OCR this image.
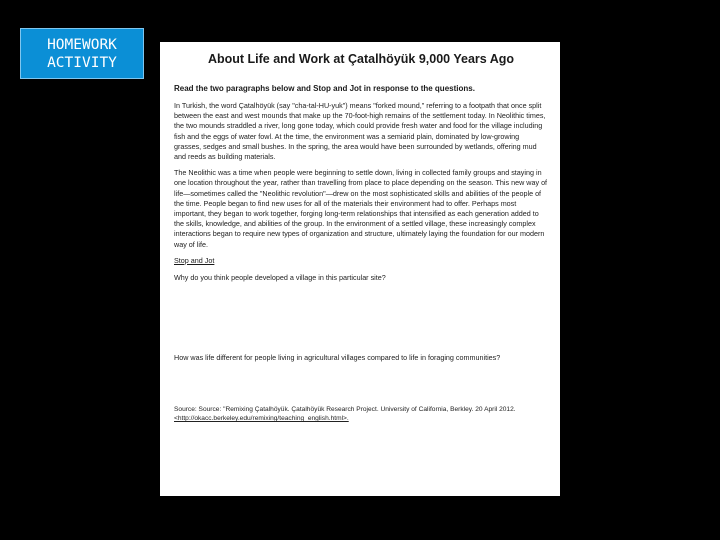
HOMEWORK
ACTIVITY	About Life and Work at Çatalhöyük 9,000 Years Ago
Read the two paragraphs below and Stop and Jot in response to the questions.

In Turkish, the word Çatalhöyük (say "cha-tal-HU-yuk") means "forked mound," referring to a footpath that once split between the east and west mounds that make up the 70-foot-high remains of the settlement today. In Neolithic times, the two mounds straddled a river, long gone today, which could provide fresh water and food for the village including fish and the eggs of water fowl. At the time, the environment was a semiarid plain, dominated by low-growing grasses, sedges and small bushes. In the spring, the area would have been surrounded by wetlands, offering mud and reeds as building materials.

The Neolithic was a time when people were beginning to settle down, living in collected family groups and staying in one location throughout the year, rather than travelling from place to place depending on the season. This new way of life—sometimes called the "Neolithic revolution"—drew on the most sophisticated skills and abilities of the people of the time. People began to find new uses for all of the materials their environment had to offer. Perhaps most important, they began to work together, forging long-term relationships that intensified as each generation added to the skills, knowledge, and abilities of the group. In the environment of a settled village, these increasingly complex interactions began to require new types of organization and structure, ultimately laying the foundation for our modern way of life.

Stop and Jot

Why do you think people developed a village in this particular site?

How was life different for people living in agricultural villages compared to life in foraging communities?

Source: Source: "Remixing Çatalhöyük. Çatalhöyük Research Project. University of California, Berkley. 20 April 2012.
<http://okacc.berkeley.edu/remixing/teaching_english.html>.
